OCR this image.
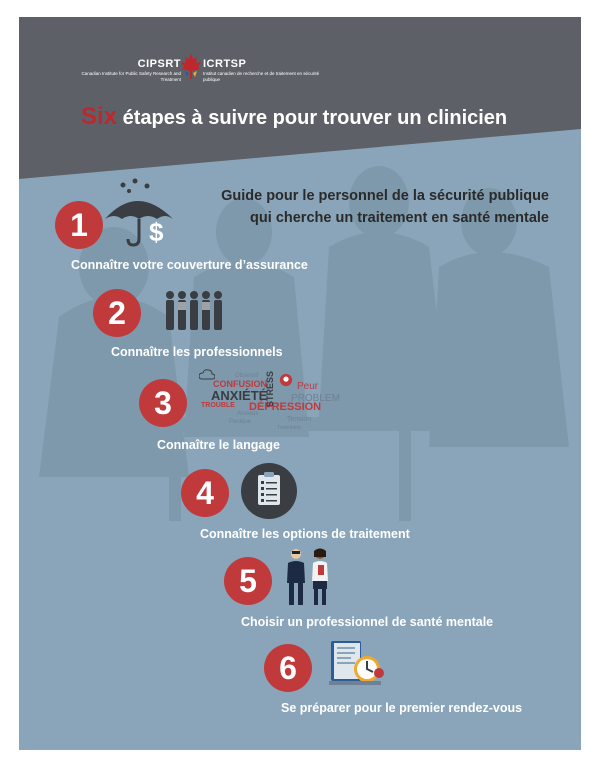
CIPSRT
Canadian Institute for Public Safety Research and Treatment
ICRTSP
Institut canadien de recherche et de traitement en sécurité publique
Six étapes à suivre pour trouver un clinicien
Guide pour le personnel de la sécurité publique
qui cherche un traitement en santé mentale
1	$
Connaître votre couverture d’assurance
2
Connaître les professionnels
3
CONFUSION
ANXIÉTÉ
DÉPRESSION
STRESS Peur
PROBLEM
TROUBLE
Obsessif
Anxieux
Panique	Tension
Traitement
Connaître le langage
4
Connaître les options de traitement
5
Choisir un professionnel de santé mentale
6
Se préparer pour le premier rendez-vous
